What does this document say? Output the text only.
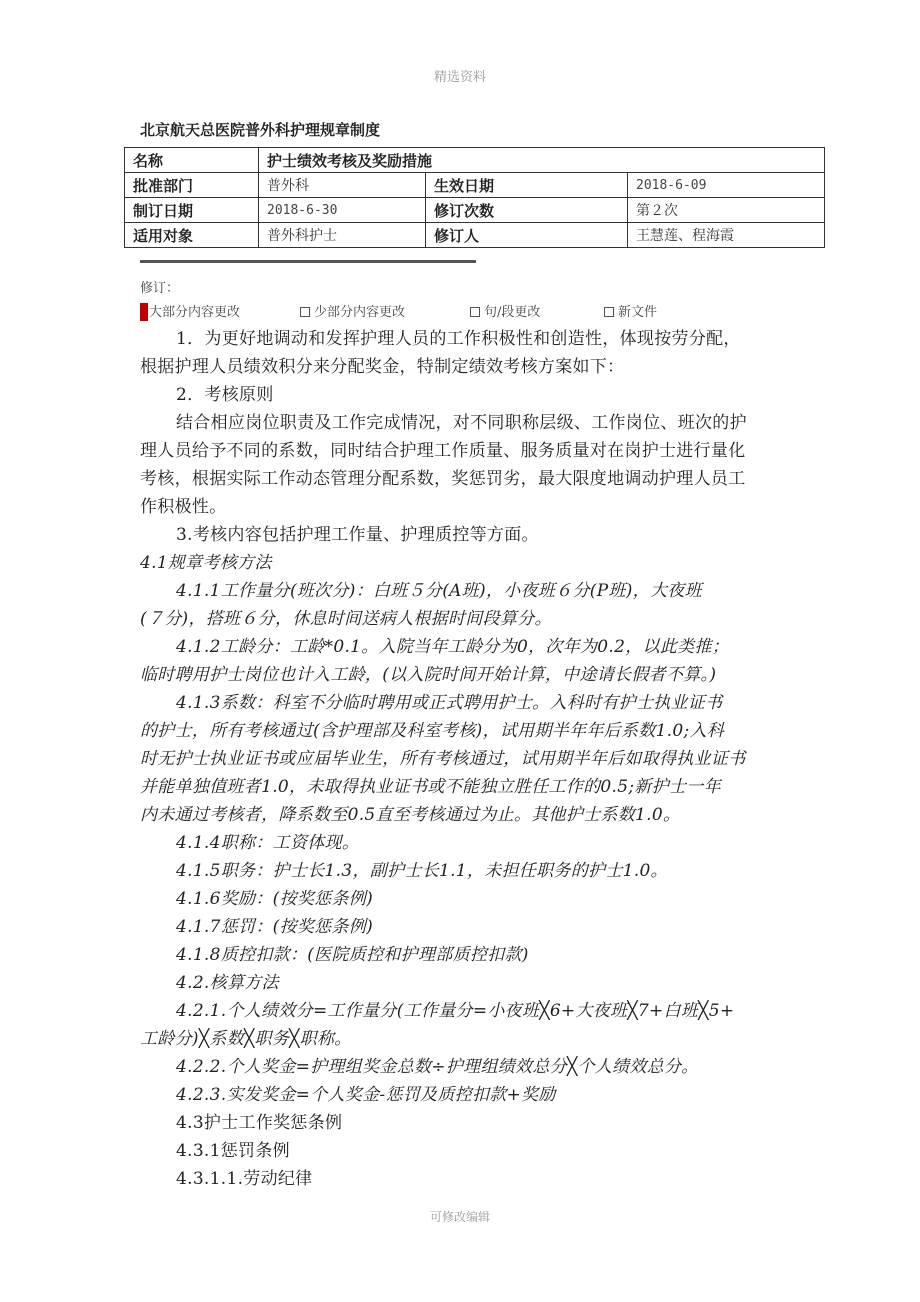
精选资料
北京航天总医院普外科护理规章制度
名称	护士绩效考核及奖励措施		
批准部门	普外科	生效日期	2018-6-09
制订日期	2018-6-30	修订次数	第２次
适用对象	普外科护士	修订人	王慧莲、程海霞
修订：
大部分内容更改	少部分内容更改	句/段更改	新文件
1．为更好地调动和发挥护理人员的工作积极性和创造性，体现按劳分配，
根据护理人员绩效积分来分配奖金，特制定绩效考核方案如下：
2．考核原则
结合相应岗位职责及工作完成情况，对不同职称层级、工作岗位、班次的护
理人员给予不同的系数，同时结合护理工作质量、服务质量对在岗护士进行量化
考核，根据实际工作动态管理分配系数，奖惩罚劣，最大限度地调动护理人员工
作积极性。
3.考核内容包括护理工作量、护理质控等方面。
4.1规章考核方法
4.1.1工作量分(班次分)：白班５分(A班)，小夜班６分(P班)，大夜班
(７分)，搭班６分，休息时间送病人根据时间段算分。
4.1.2工龄分：工龄*0.1。入院当年工龄分为0，次年为0.2，以此类推；
临时聘用护士岗位也计入工龄，(以入院时间开始计算，中途请长假者不算。)
4.1.3系数：科室不分临时聘用或正式聘用护士。入科时有护士执业证书
的护士，所有考核通过(含护理部及科室考核)，试用期半年年后系数1.0;入科
时无护士执业证书或应届毕业生，所有考核通过，试用期半年后如取得执业证书
并能单独值班者1.0，未取得执业证书或不能独立胜任工作的0.5;新护士一年
内未通过考核者，降系数至0.5直至考核通过为止。其他护士系数1.0。
4.1.4职称：工资体现。
4.1.5职务：护士长1.3，副护士长1.1，未担任职务的护士1.0。
4.1.6奖励：(按奖惩条例)
4.1.7惩罚：(按奖惩条例)
4.1.8质控扣款：(医院质控和护理部质控扣款)
4.2.核算方法
4.2.1.个人绩效分=工作量分(工作量分=小夜班╳6+大夜班╳7+白班╳5+
工龄分)╳系数╳职务╳职称。
4.2.2.个人奖金=护理组奖金总数÷护理组绩效总分╳个人绩效总分。
4.2.3.实发奖金=个人奖金-惩罚及质控扣款+奖励
4.3护士工作奖惩条例
4.3.1惩罚条例
4.3.1.1.劳动纪律
可修改编辑
